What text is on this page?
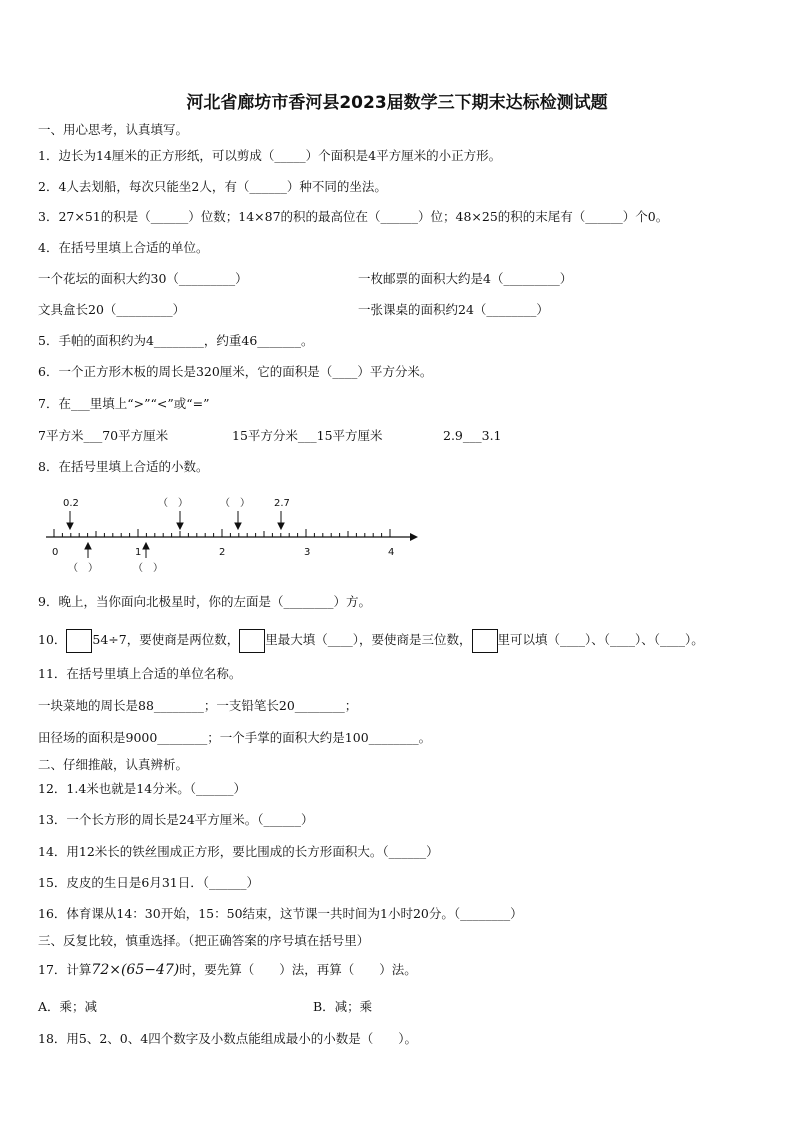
河北省廊坊市香河县2023届数学三下期末达标检测试题
一、用心思考，认真填写。
1．边长为14厘米的正方形纸，可以剪成（_____）个面积是4平方厘米的小正方形。
2．4人去划船，每次只能坐2人，有（______）种不同的坐法。
3．27×51的积是（______）位数；14×87的积的最高位在（______）位；48×25的积的末尾有（______）个0。
4．在括号里填上合适的单位。
一个花坛的面积大约30（_________）	一枚邮票的面积大约是4（_________）
文具盒长20（_________）	一张课桌的面积约24（________）
5．手帕的面积约为4________，约重46_______。
6．一个正方形木板的周长是320厘米，它的面积是（____）平方分米。
7．在___里填上“>”“<”或“=”
7平方米___70平方厘米	15平方分米___15平方厘米	2.9___3.1
8．在括号里填上合适的小数。
0.2	（　）	（　） 2.7
0	1	2	3	4
（　）	（　）
9．晚上，当你面向北极星时，你的左面是（________）方。
10． 54÷7，要使商是两位数， 里最大填（____），要使商是三位数， 里可以填（____）、（____）、（____）。
11．在括号里填上合适的单位名称。
一块菜地的周长是88________；一支铅笔长20________；
田径场的面积是9000________；一个手掌的面积大约是100________。
二、仔细推敲，认真辨析。
12．1.4米也就是14分米。（______）
13．一个长方形的周长是24平方厘米。（______）
14．用12米长的铁丝围成正方形，要比围成的长方形面积大。（______）
15．皮皮的生日是6月31日．（______）
16．体育课从14：30开始，15：50结束，这节课一共时间为1小时20分。（________）
三、反复比较，慎重选择。（把正确答案的序号填在括号里）
17．计算72×(65−47)时，要先算（　　）法，再算（　　）法。
A．乘；减	B．减；乘
18．用5、2、0、4四个数字及小数点能组成最小的小数是（　　）。
